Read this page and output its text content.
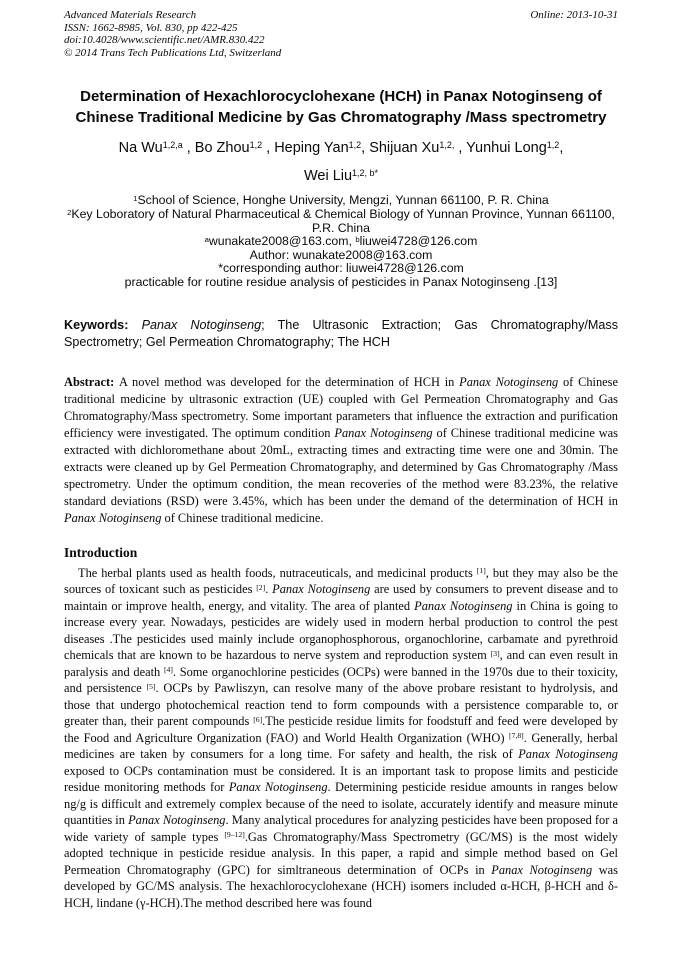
Advanced Materials Research
ISSN: 1662-8985, Vol. 830, pp 422-425
doi:10.4028/www.scientific.net/AMR.830.422
© 2014 Trans Tech Publications Ltd, Switzerland
Online: 2013-10-31
Determination of Hexachlorocyclohexane (HCH) in Panax Notoginseng of Chinese Traditional Medicine by Gas Chromatography /Mass spectrometry
Na Wu$^{1,2,a}$ , Bo Zhou$^{1,2}$ , Heping Yan$^{1,2}$, Shijuan $Xu^{1,2,}$ , Yunhui Long$^{1,2}$,
Wei Liu$^{1,2, b*}$
$^1$School of Science, Honghe University, Mengzi, Yunnan 661100, P. R. China
$^2$Key Loboratory of Natural Pharmaceutical & Chemical Biology of Yunnan Province, Yunnan 661100, P.R. China
$^a$wunakate2008@163.com, $^b$liuwei4728@126.com
Author: wunakate2008@163.com
*corresponding author: liuwei4728@126.com
practicable for routine residue analysis of pesticides in Panax Notoginseng .[13]

Keywords: Panax Notoginseng; The Ultrasonic Extraction; Gas Chromatography/Mass Spectrometry; Gel Permeation Chromatography; The HCH

Abstract: A novel method was developed for the determination of HCH in Panax Notoginseng of Chinese traditional medicine by ultrasonic extraction (UE) coupled with Gel Permeation Chromatography and Gas Chromatography/Mass spectrometry. Some important parameters that influence the extraction and purification efficiency were investigated. The optimum condition Panax Notoginseng of Chinese traditional medicine was extracted with dichloromethane about 20mL, extracting times and extracting time were one and 30min. The extracts were cleaned up by Gel Permeation Chromatography, and determined by Gas Chromatography /Mass spectrometry. Under the optimum condition, the mean recoveries of the method were 83.23%, the relative standard deviations (RSD) were 3.45%, which has been under the demand of the determination of HCH in Panax Notoginseng of Chinese traditional medicine.

Introduction

The herbal plants used as health foods, nutraceuticals, and medicinal products [1], but they may also be the sources of toxicant such as pesticides [2]. Panax Notoginseng are used by consumers to prevent disease and to maintain or improve health, energy, and vitality. The area of planted Panax Notoginseng in China is going to increase every year. Nowadays, pesticides are widely used in modern herbal production to control the pest diseases .The pesticides used mainly include organophosphorous, organochlorine, carbamate and pyrethroid chemicals that are known to be hazardous to nerve system and reproduction system [3], and can even result in paralysis and death [4]. Some organochlorine pesticides (OCPs) were banned in the 1970s due to their toxicity, and persistence [5]. OCPs by Pawliszyn, can resolve many of the above probare resistant to hydrolysis, and those that undergo photochemical reaction tend to form compounds with a persistence comparable to, or greater than, their parent compounds [6].The pesticide residue limits for foodstuff and feed were developed by the Food and Agriculture Organization (FAO) and World Health Organization (WHO) [7,8]. Generally, herbal medicines are taken by consumers for a long time. For safety and health, the risk of Panax Notoginseng exposed to OCPs contamination must be considered. It is an important task to propose limits and pesticide residue monitoring methods for Panax Notoginseng. Determining pesticide residue amounts in ranges below ng/g is difficult and extremely complex because of the need to isolate, accurately identify and measure minute quantities in Panax Notoginseng. Many analytical procedures for analyzing pesticides have been proposed for a wide variety of sample types [9–12].Gas Chromatography/Mass Spectrometry (GC/MS) is the most widely adopted technique in pesticide residue analysis. In this paper, a rapid and simple method based on Gel Permeation Chromatography (GPC) for simltraneous determination of OCPs in Panax Notoginseng was developed by GC/MS analysis. The hexachlorocyclohexane (HCH) isomers included α-HCH, β-HCH and δ-HCH, lindane (γ-HCH).The method described here was found
